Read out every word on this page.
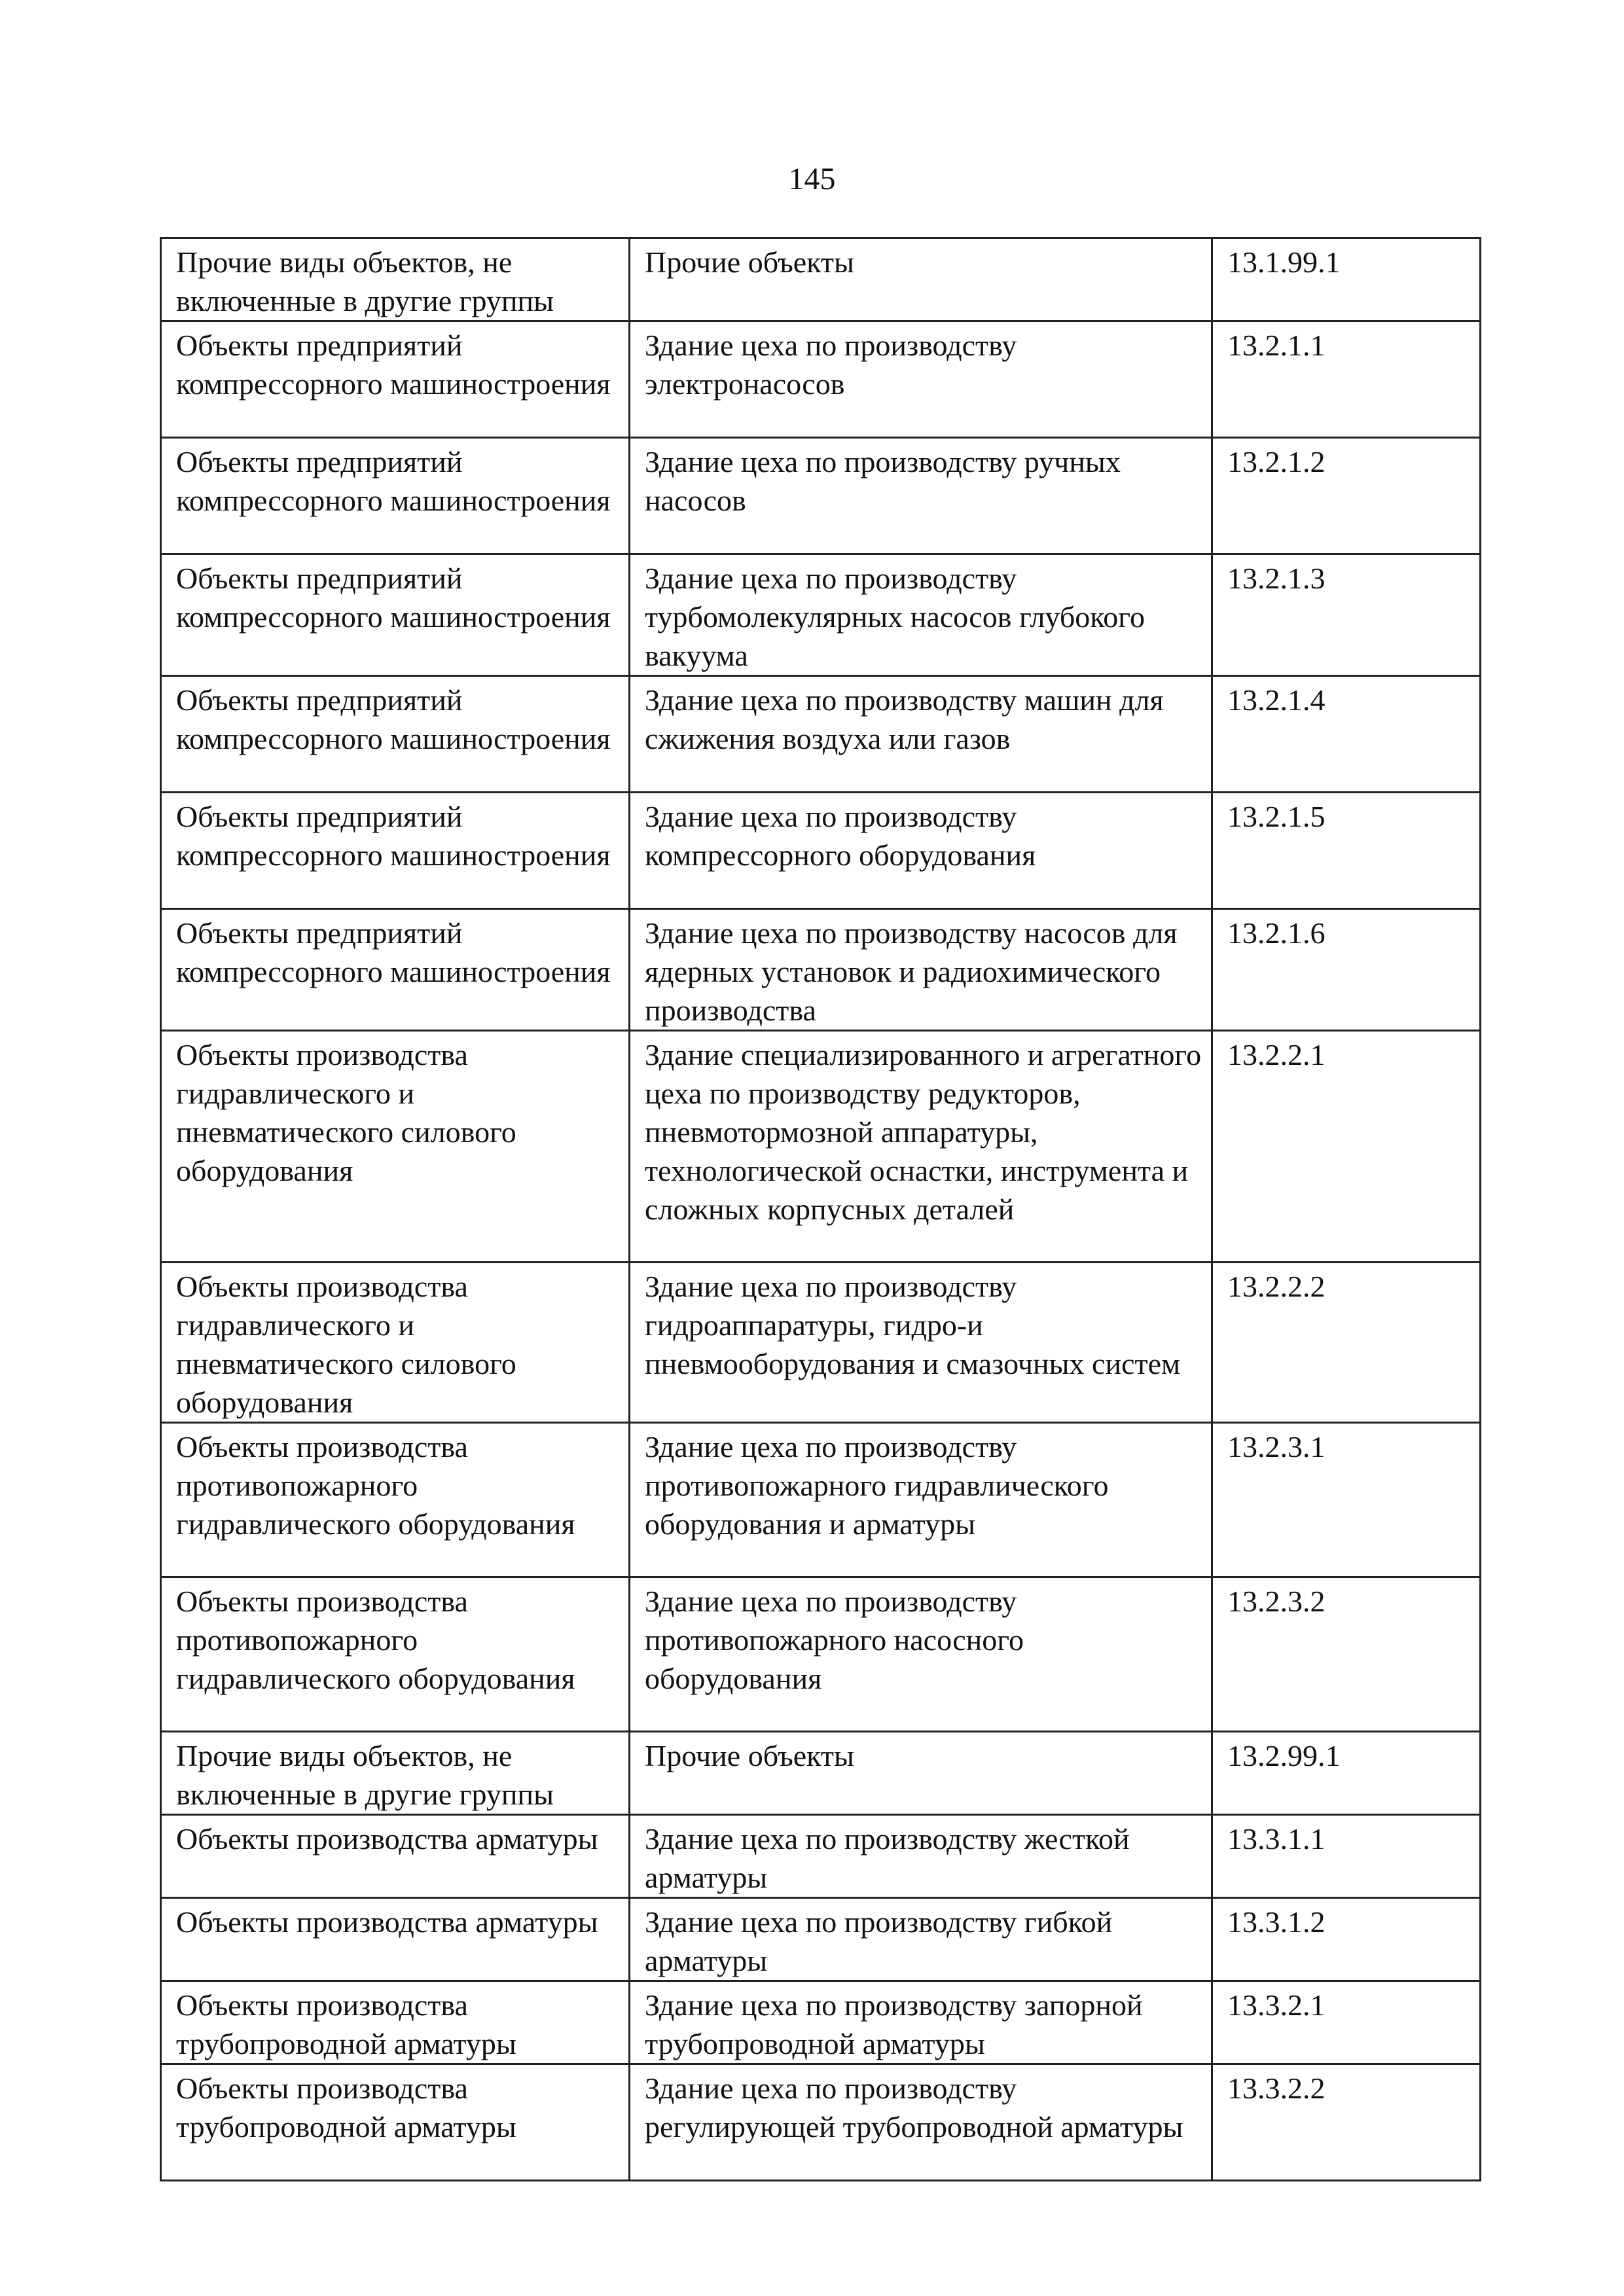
145
Прочие виды объектов, не включенные в другие группы	Прочие объекты	13.1.99.1
Объекты предприятий компрессорного машиностроения	Здание цеха по производству электронасосов	13.2.1.1
Объекты предприятий компрессорного машиностроения	Здание цеха по производству ручных насосов	13.2.1.2
Объекты предприятий компрессорного машиностроения	Здание цеха по производству турбомолекулярных насосов глубокого вакуума	13.2.1.3
Объекты предприятий компрессорного машиностроения	Здание цеха по производству машин для сжижения воздуха или газов	13.2.1.4
Объекты предприятий компрессорного машиностроения	Здание цеха по производству компрессорного оборудования	13.2.1.5
Объекты предприятий компрессорного машиностроения	Здание цеха по производству насосов для ядерных установок и радиохимического производства	13.2.1.6
Объекты производства гидравлического и пневматического силового оборудования	Здание специализированного и агрегатного цеха по производству редукторов, пневмотормозной аппаратуры, технологической оснастки, инструмента и сложных корпусных деталей	13.2.2.1
Объекты производства гидравлического и пневматического силового оборудования	Здание цеха по производству гидроаппаратуры, гидро-и пневмооборудования и смазочных систем	13.2.2.2
Объекты производства противопожарного гидравлического оборудования	Здание цеха по производству противопожарного гидравлического оборудования и арматуры	13.2.3.1
Объекты производства противопожарного гидравлического оборудования	Здание цеха по производству противопожарного насосного оборудования	13.2.3.2
Прочие виды объектов, не включенные в другие группы	Прочие объекты	13.2.99.1
Объекты производства арматуры	Здание цеха по производству жесткой арматуры	13.3.1.1
Объекты производства арматуры	Здание цеха по производству гибкой арматуры	13.3.1.2
Объекты производства трубопроводной арматуры	Здание цеха по производству запорной трубопроводной арматуры	13.3.2.1
Объекты производства трубопроводной арматуры	Здание цеха по производству регулирующей трубопроводной арматуры	13.3.2.2
